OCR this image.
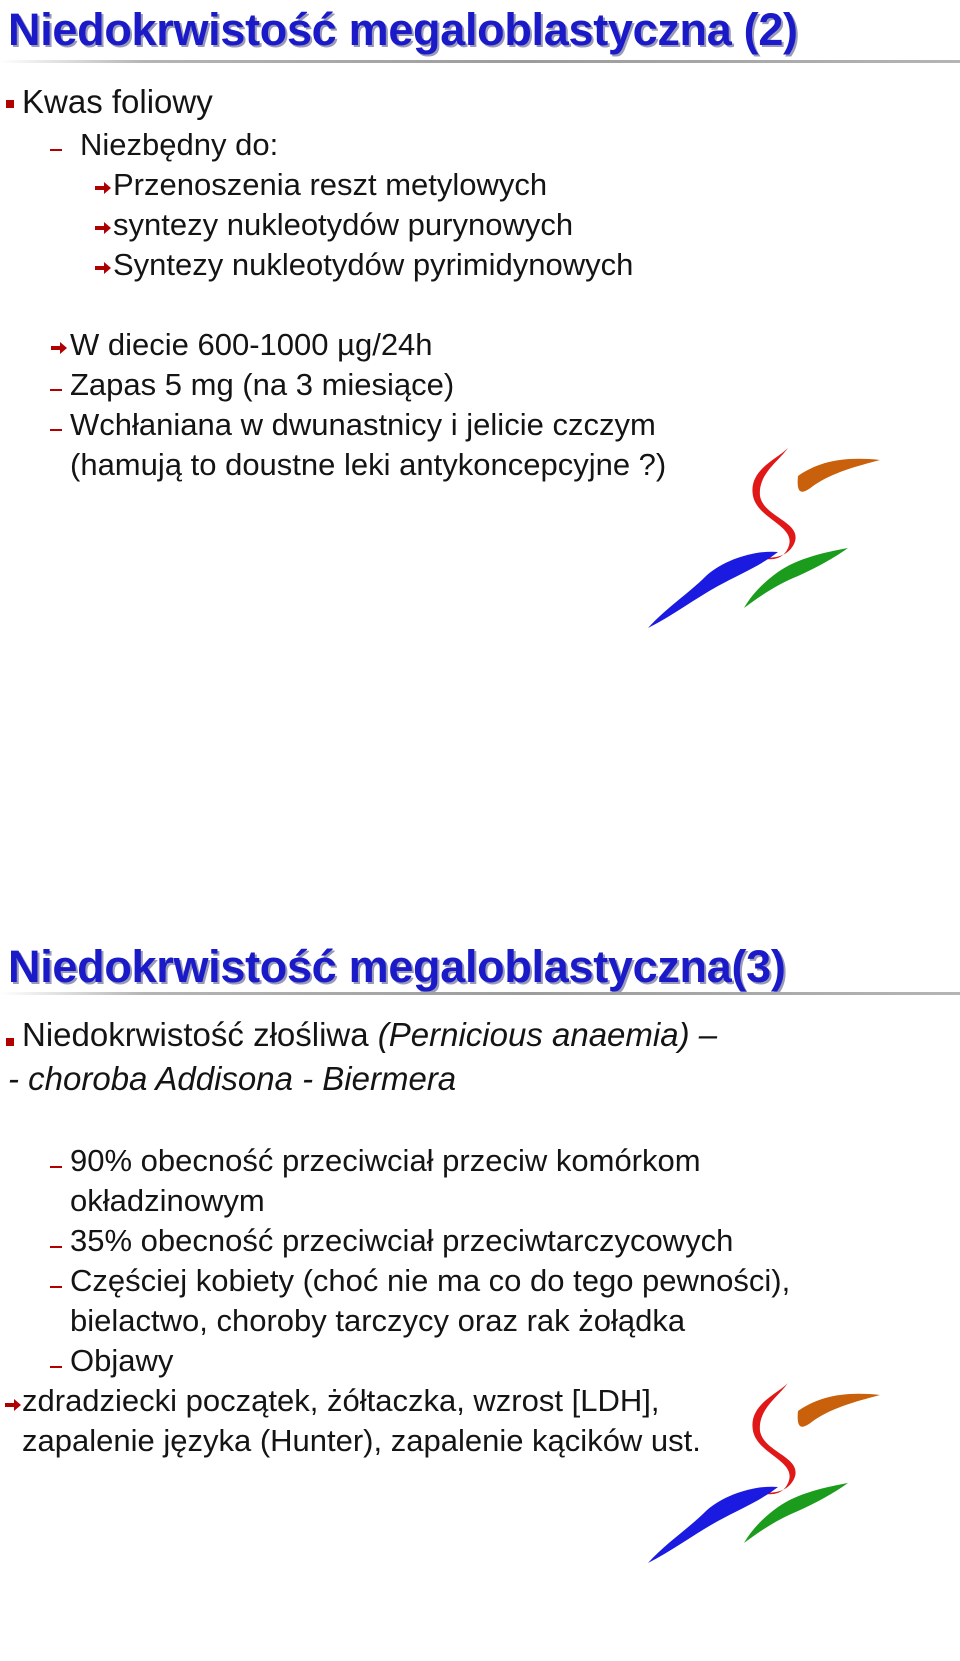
Niedokrwistość megaloblastyczna (2)
Kwas foliowy
Niezbędny do:
Przenoszenia reszt metylowych
syntezy nukleotydów purynowych
Syntezy nukleotydów pyrimidynowych
W diecie 600-1000 µg/24h
Zapas 5 mg (na 3 miesiące)
Wchłaniana w dwunastnicy i jelicie czczym
(hamują to doustne leki antykoncepcyjne ?)
Niedokrwistość megaloblastyczna(3)
Niedokrwistość złośliwa (Pernicious anaemia) –
- choroba Addisona - Biermera
90% obecność przeciwciał przeciw komórkom
okładzinowym
35% obecność przeciwciał przeciwtarczycowych
Częściej kobiety (choć nie ma co do tego pewności),
bielactwo, choroby tarczycy oraz rak żołądka
Objawy
zdradziecki początek, żółtaczka, wzrost [LDH],
zapalenie języka (Hunter), zapalenie kącików ust.
